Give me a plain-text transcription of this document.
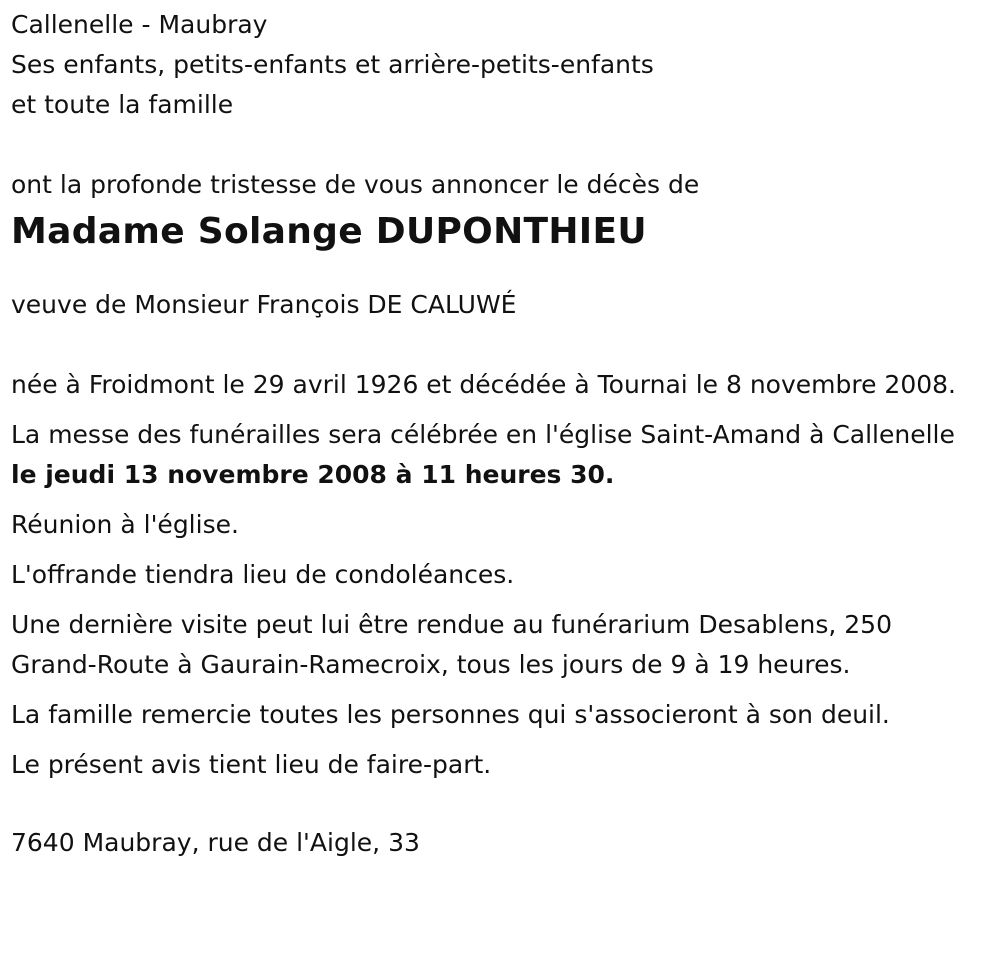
Callenelle - Maubray

Ses enfants, petits-enfants et arrière-petits-enfants

et toute la famille

ont la profonde tristesse de vous annoncer le décès de

Madame Solange DUPONTHIEU

veuve de Monsieur François DE CALUWÉ

née à Froidmont le 29 avril 1926 et décédée à Tournai le 8 novembre 2008.

La messe des funérailles sera célébrée en l'église Saint-Amand à Callenelle le jeudi 13 novembre 2008 à 11 heures 30.

Réunion à l'église.

L'offrande tiendra lieu de condoléances.

Une dernière visite peut lui être rendue au funérarium Desablens, 250 Grand-Route à Gaurain-Ramecroix, tous les jours de 9 à 19 heures.

La famille remercie toutes les personnes qui s'associeront à son deuil.

Le présent avis tient lieu de faire-part.

7640 Maubray, rue de l'Aigle, 33
